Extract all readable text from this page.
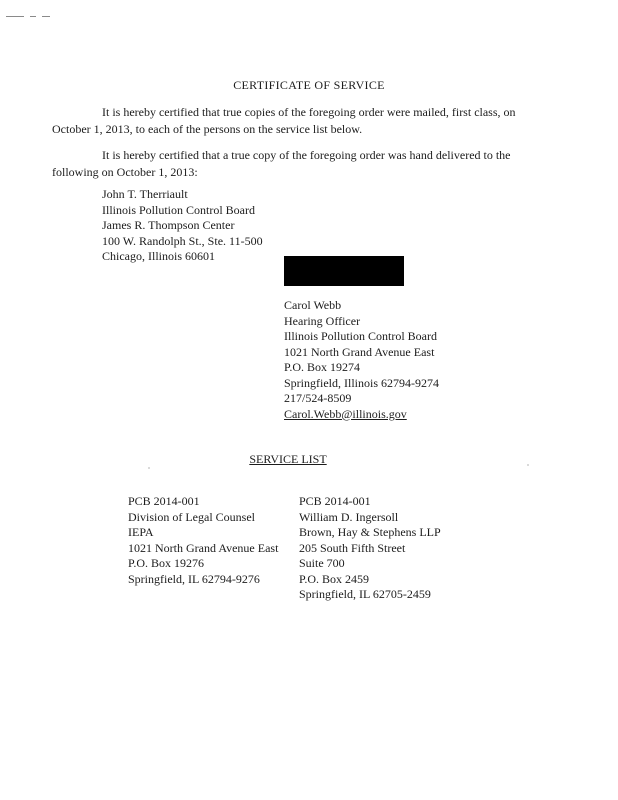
CERTIFICATE OF SERVICE
It is hereby certified that true copies of the foregoing order were mailed, first class, on October 1, 2013, to each of the persons on the service list below.
It is hereby certified that a true copy of the foregoing order was hand delivered to the following on October 1, 2013:
John T. Therriault
Illinois Pollution Control Board
James R. Thompson Center
100 W. Randolph St., Ste. 11-500
Chicago, Illinois 60601
Carol Webb
Hearing Officer
Illinois Pollution Control Board
1021 North Grand Avenue East
P.O. Box 19274
Springfield, Illinois 62794-9274
217/524-8509
Carol.Webb@illinois.gov
SERVICE LIST
PCB 2014-001
Division of Legal Counsel
IEPA
1021 North Grand Avenue East
P.O. Box 19276
Springfield, IL 62794-9276
PCB 2014-001
William D. Ingersoll
Brown, Hay & Stephens LLP
205 South Fifth Street
Suite 700
P.O. Box 2459
Springfield, IL 62705-2459
